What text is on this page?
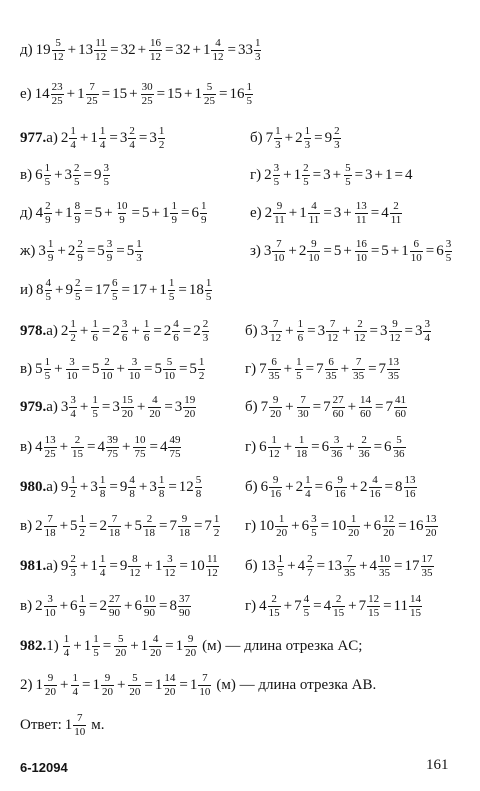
д) $19 \frac{5}{12} + 13 \frac{11}{12} = 32 + \frac{16}{12} = 32 + 1 \frac{4}{12} = 33 \frac{1}{3}$
е) $14 \frac{23}{25} + 1 \frac{7}{25} = 15 + \frac{30}{25} = 15 + 1 \frac{5}{25} = 16 \frac{1}{5}$
977. а) $2 \frac{1}{4} + 1 \frac{1}{4} = 3 \frac{2}{4} = 3 \frac{1}{2}$	б) $7 \frac{1}{3} + 2 \frac{1}{3} = 9 \frac{2}{3}$
в) $6 \frac{1}{5} + 3 \frac{2}{5} = 9 \frac{3}{5}$	г) $2 \frac{3}{5} + 1 \frac{2}{5} = 3 + \frac{5}{5} = 3 + 1 = 4$
д) $4 \frac{2}{9} + 1 \frac{8}{9} = 5 + \frac{10}{9} = 5 + 1 \frac{1}{9} = 6 \frac{1}{9}$	е) $2 \frac{9}{11} + 1 \frac{4}{11} = 3 + \frac{13}{11} = 4 \frac{2}{11}$
ж) $3 \frac{1}{9} + 2 \frac{2}{9} = 5 \frac{3}{9} = 5 \frac{1}{3}$	з) $3 \frac{7}{10} + 2 \frac{9}{10} = 5 + \frac{16}{10} = 5 + 1 \frac{6}{10} = 6 \frac{3}{5}$
и) $8 \frac{4}{5} + 9 \frac{2}{5} = 17 \frac{6}{5} = 17 + 1 \frac{1}{5} = 18 \frac{1}{5}$
978. а) $2 \frac{1}{2} + \frac{1}{6} = 2 \frac{3}{6} + \frac{1}{6} = 2 \frac{4}{6} = 2 \frac{2}{3} б$) $3 \frac{7}{12} + \frac{1}{6} = 3 \frac{7}{12} + \frac{2}{12} = 3 \frac{9}{12} = 3 \frac{3}{4}$
в) $5 \frac{1}{5} + \frac{3}{10} = 5 \frac{2}{10} + \frac{3}{10} = 5 \frac{5}{10} = 5 \frac{1}{2}$	г) $7 \frac{6}{35} + \frac{1}{5} = 7 \frac{6}{35} + \frac{7}{35} = 7 \frac{13}{35}$
979. а) $3 \frac{3}{4} + \frac{1}{5} = 3 \frac{15}{20} + \frac{4}{20} = 3 \frac{19}{20}$	б) $7 \frac{9}{20} + \frac{7}{30} = 7 \frac{27}{60} + \frac{14}{60} = 7 \frac{41}{60}$
в) $4 \frac{13}{25} + \frac{2}{15} = 4 \frac{39}{75} + \frac{10}{75} = 4 \frac{49}{75}$	г) $6 \frac{1}{12} + \frac{1}{18} = 6 \frac{3}{36} + \frac{2}{36} = 6 \frac{5}{36}$
980. а) $9 \frac{1}{2} + 3 \frac{1}{8} = 9 \frac{4}{8} + 3 \frac{1}{8} = 12 \frac{5}{8}$	б) $6 \frac{9}{16} + 2 \frac{1}{4} = 6 \frac{9}{16} + 2 \frac{4}{16} = 8 \frac{13}{16}$
в) $2 \frac{7}{18} + 5 \frac{1}{2} = 2 \frac{7}{18} + 5 \frac{2}{18} = 7 \frac{9}{18} = 7 \frac{1}{2} г$) $10 \frac{1}{20} + 6 \frac{3}{5} = 10 \frac{1}{20} + 6 \frac{12}{20} = 16 \frac{13}{20}$
981. а) $9 \frac{2}{3} + 1 \frac{1}{4} = 9 \frac{8}{12} + 1 \frac{3}{12} = 10 \frac{11}{12} б$) $13 \frac{1}{5} + 4 \frac{2}{7} = 13 \frac{7}{35} + 4 \frac{10}{35} = 17 \frac{17}{35}$
в) $2 \frac{3}{10} + 6 \frac{1}{9} = 2 \frac{27}{90} + 6 \frac{10}{90} = 8 \frac{37}{90}$	г) $4 \frac{2}{15} + 7 \frac{4}{5} = 4 \frac{2}{15} + 7 \frac{12}{15} = 11 \frac{14}{15}$
982. $1) \frac{1}{4} + 1 \frac{1}{5} = \frac{5}{20} + 1 \frac{4}{20} = 1 \frac{9}{20} (м)$ — длина отрезка AC;
2) $1 \frac{9}{20} + \frac{1}{4} = 1 \frac{9}{20} + \frac{5}{20} = 1 \frac{14}{20} = 1 \frac{7}{10} (м)$ — длина отрезка AB.
Ответ: $1 \frac{7}{10} м$.
6-12094	161
